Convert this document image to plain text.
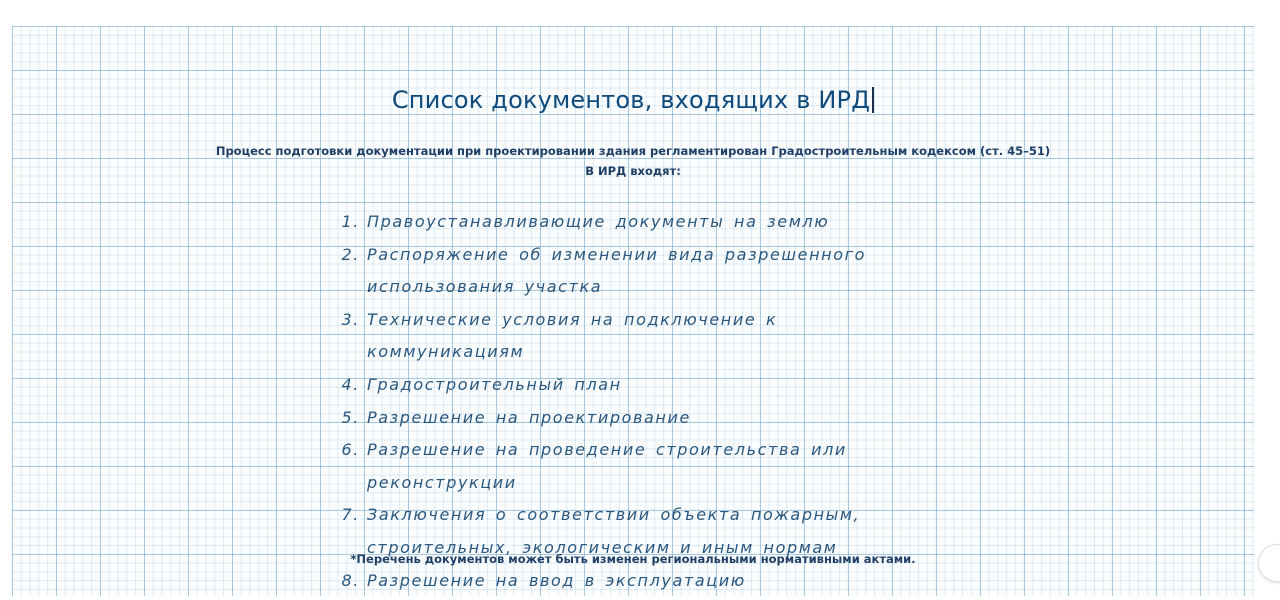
Список документов, входящих в ИРД
Процесс подготовки документации при проектировании здания регламентирован Градостроительным кодексом (ст. 45–51)
В ИРД входят:
1. Правоустанавливающие документы на землю
2. Распоряжение об изменении вида разрешенного использования участка
3. Технические условия на подключение к коммуникациям
4. Градостроительный план
5. Разрешение на проектирование
6. Разрешение на проведение строительства или реконструкции
7. Заключения о соответствии объекта пожарным, строительных, экологическим и иным нормам
8. Разрешение на ввод в эксплуатацию
*Перечень документов может быть изменен региональными нормативными актами.
